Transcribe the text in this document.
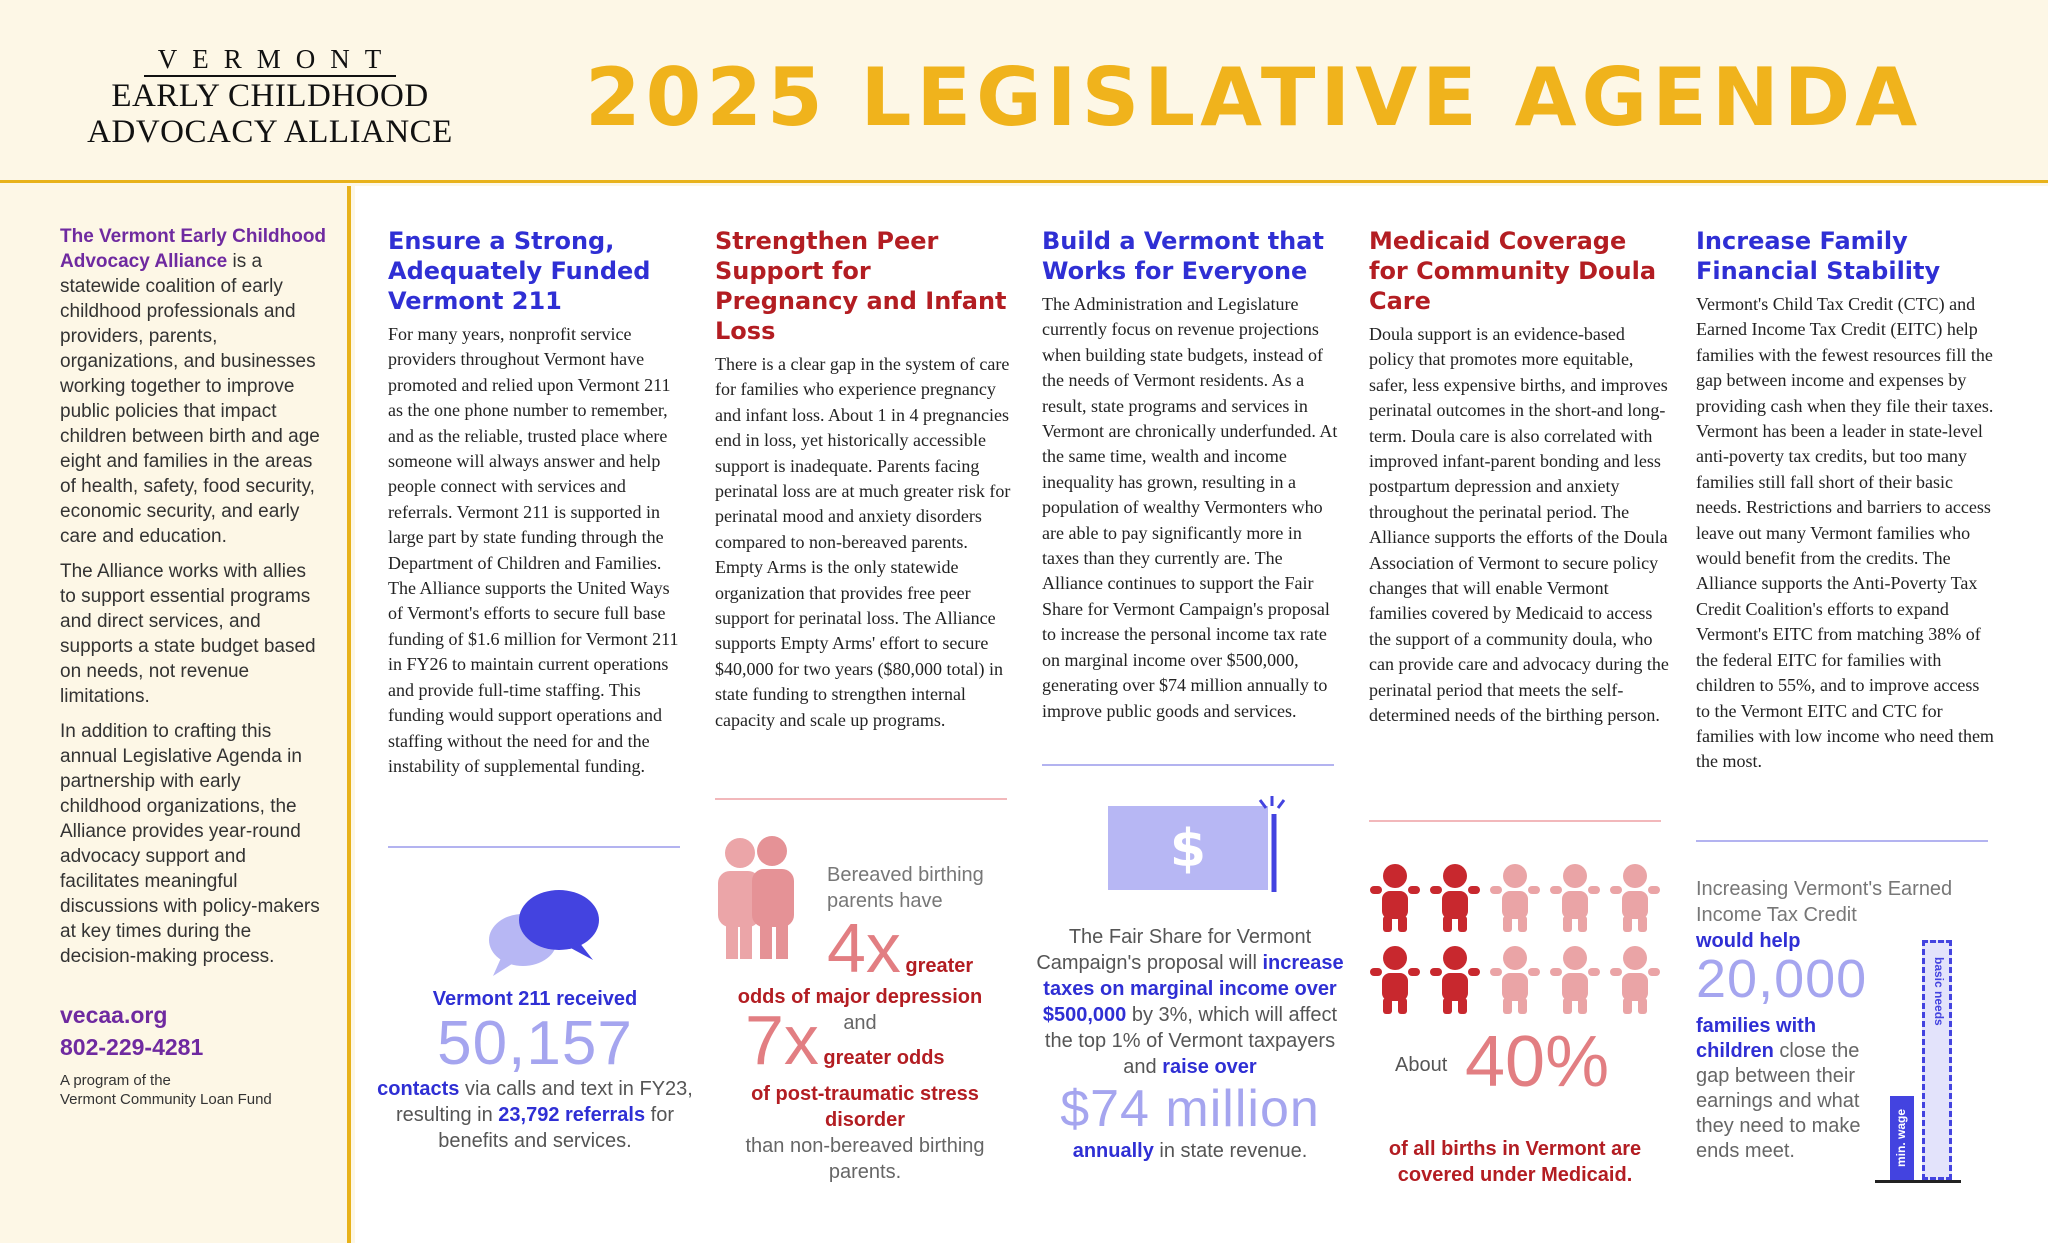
VERMONT
EARLY CHILDHOOD
ADVOCACY ALLIANCE	2025 LEGISLATIVE AGENDA

The Vermont Early Childhood Advocacy Alliance is a statewide coalition of early childhood professionals and providers, parents, organizations, and businesses working together to improve public policies that impact children between birth and age eight and families in the areas of health, safety, food security, economic security, and early care and education.

The Alliance works with allies to support essential programs and direct services, and supports a state budget based on needs, not revenue limitations.

In addition to crafting this annual Legislative Agenda in partnership with early childhood organizations, the Alliance provides year-round advocacy support and facilitates meaningful discussions with policy-makers at key times during the decision-making process.

vecaa.org
802-229-4281
A program of the
Vermont Community Loan Fund
Ensure a Strong, Adequately Funded Vermont 211
For many years, nonprofit service providers throughout Vermont have promoted and relied upon Vermont 211 as the one phone number to remember, and as the reliable, trusted place where someone will always answer and help people connect with services and referrals. Vermont 211 is supported in large part by state funding through the Department of Children and Families. The Alliance supports the United Ways of Vermont's efforts to secure full base funding of $1.6 million for Vermont 211 in FY26 to maintain current operations and provide full-time staffing. This funding would support operations and staffing without the need for and the instability of supplemental funding.
Vermont 211 received
50,157
contacts via calls and text in FY23, resulting in 23,792 referrals for benefits and services.
Strengthen Peer Support for Pregnancy and Infant Loss
There is a clear gap in the system of care for families who experience pregnancy and infant loss. About 1 in 4 pregnancies end in loss, yet historically accessible support is inadequate. Parents facing perinatal loss are at much greater risk for perinatal mood and anxiety disorders compared to non-bereaved parents. Empty Arms is the only statewide organization that provides free peer support for perinatal loss. The Alliance supports Empty Arms' effort to secure $40,000 for two years ($80,000 total) in state funding to strengthen internal capacity and scale up programs.
Bereaved birthing
parents have
4x greater
odds of major depression
and
7x greater odds
of post-traumatic stress disorder
than non-bereaved birthing parents.
Build a Vermont that Works for Everyone
The Administration and Legislature currently focus on revenue projections when building state budgets, instead of the needs of Vermont residents. As a result, state programs and services in Vermont are chronically underfunded. At the same time, wealth and income inequality has grown, resulting in a population of wealthy Vermonters who are able to pay significantly more in taxes than they currently are. The Alliance continues to support the Fair Share for Vermont Campaign's proposal to increase the personal income tax rate on marginal income over $500,000, generating over $74 million annually to improve public goods and services.
$
The Fair Share for Vermont Campaign's proposal will increase taxes on marginal income over $500,000 by 3%, which will affect the top 1% of Vermont taxpayers and raise over
$74 million
annually in state revenue.
Medicaid Coverage for Community Doula Care
Doula support is an evidence-based policy that promotes more equitable, safer, less expensive births, and improves perinatal outcomes in the short-and long-term. Doula care is also correlated with improved infant-parent bonding and less postpartum depression and anxiety throughout the perinatal period. The Alliance supports the efforts of the Doula Association of Vermont to secure policy changes that will enable Vermont families covered by Medicaid to access the support of a community doula, who can provide care and advocacy during the perinatal period that meets the self-determined needs of the birthing person.
About 40%
of all births in Vermont are covered under Medicaid.
Increase Family Financial Stability
Vermont's Child Tax Credit (CTC) and Earned Income Tax Credit (EITC) help families with the fewest resources fill the gap between income and expenses by providing cash when they file their taxes. Vermont has been a leader in state-level anti-poverty tax credits, but too many families still fall short of their basic needs. Restrictions and barriers to access leave out many Vermont families who would benefit from the credits. The Alliance supports the Anti-Poverty Tax Credit Coalition's efforts to expand Vermont's EITC from matching 38% of the federal EITC for families with children to 55%, and to improve access to the Vermont EITC and CTC for families with low income who need them the most.
Increasing Vermont's Earned Income Tax Credit
would help
20,000
families with children close the gap between their earnings and what they need to make ends meet.	min. wage
basic needs
